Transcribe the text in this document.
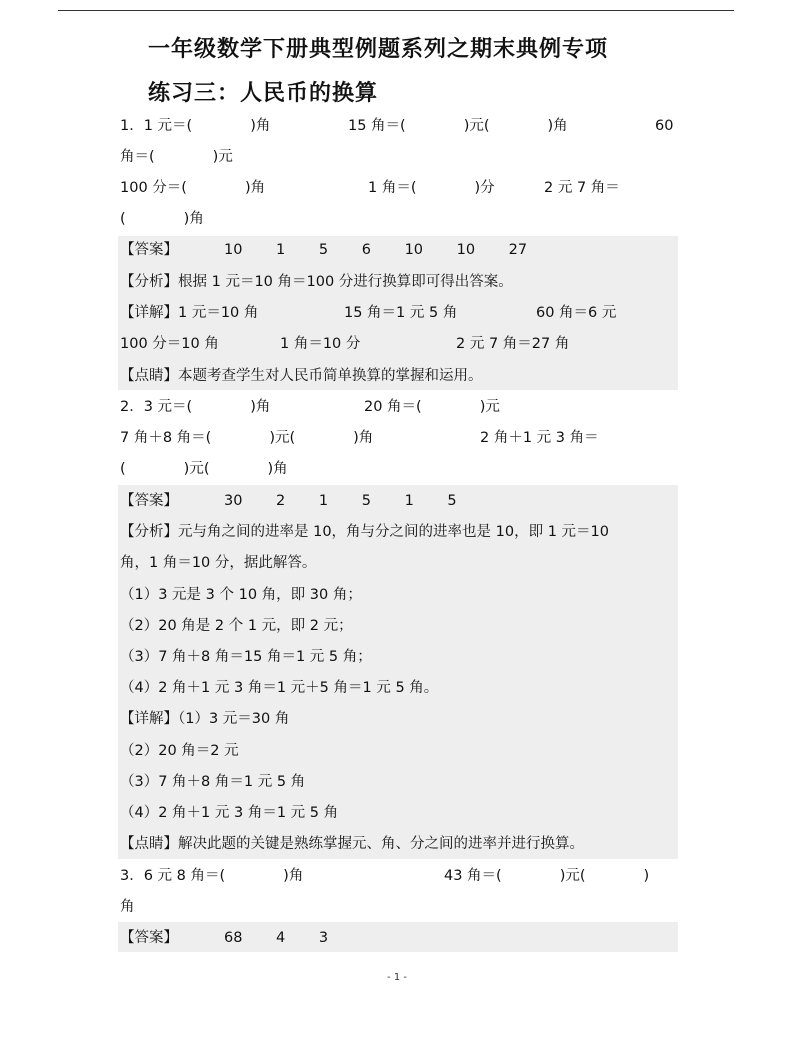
一年级数学下册典型例题系列之期末典例专项
练习三：人民币的换算
1．1 元＝(　　　　)角	15 角＝(　　　　)元(　　　　)角	60
角＝(　　　　)元
100 分＝(　　　　)角	1 角＝(　　　　)分	2 元 7 角＝
(　　　　)角
【答案】	10　　 1　　 5　　 6　　 10　　 10　　 27
【分析】根据 1 元＝10 角＝100 分进行换算即可得出答案。
【详解】1 元＝10 角	15 角＝1 元 5 角	60 角＝6 元
100 分＝10 角	1 角＝10 分	2 元 7 角＝27 角
【点睛】本题考查学生对人民币简单换算的掌握和运用。
2．3 元＝(　　　　)角	20 角＝(　　　　)元
7 角＋8 角＝(　　　　)元(　　　　)角	2 角＋1 元 3 角＝
(　　　　)元(　　　　)角
【答案】	30　　 2　　 1　　 5　　 1　　 5
【分析】元与角之间的进率是 10，角与分之间的进率也是 10，即 1 元＝10
角，1 角＝10 分，据此解答。
（1）3 元是 3 个 10 角，即 30 角；
（2）20 角是 2 个 1 元，即 2 元；
（3）7 角＋8 角＝15 角＝1 元 5 角；
（4）2 角＋1 元 3 角＝1 元＋5 角＝1 元 5 角。
【详解】（1）3 元＝30 角
（2）20 角＝2 元
（3）7 角＋8 角＝1 元 5 角
（4）2 角＋1 元 3 角＝1 元 5 角
【点睛】解决此题的关键是熟练掌握元、角、分之间的进率并进行换算。
3．6 元 8 角＝(　　　　)角	43 角＝(　　　　)元(　　　　)
角
【答案】	68　　 4　　 3
- 1 -
